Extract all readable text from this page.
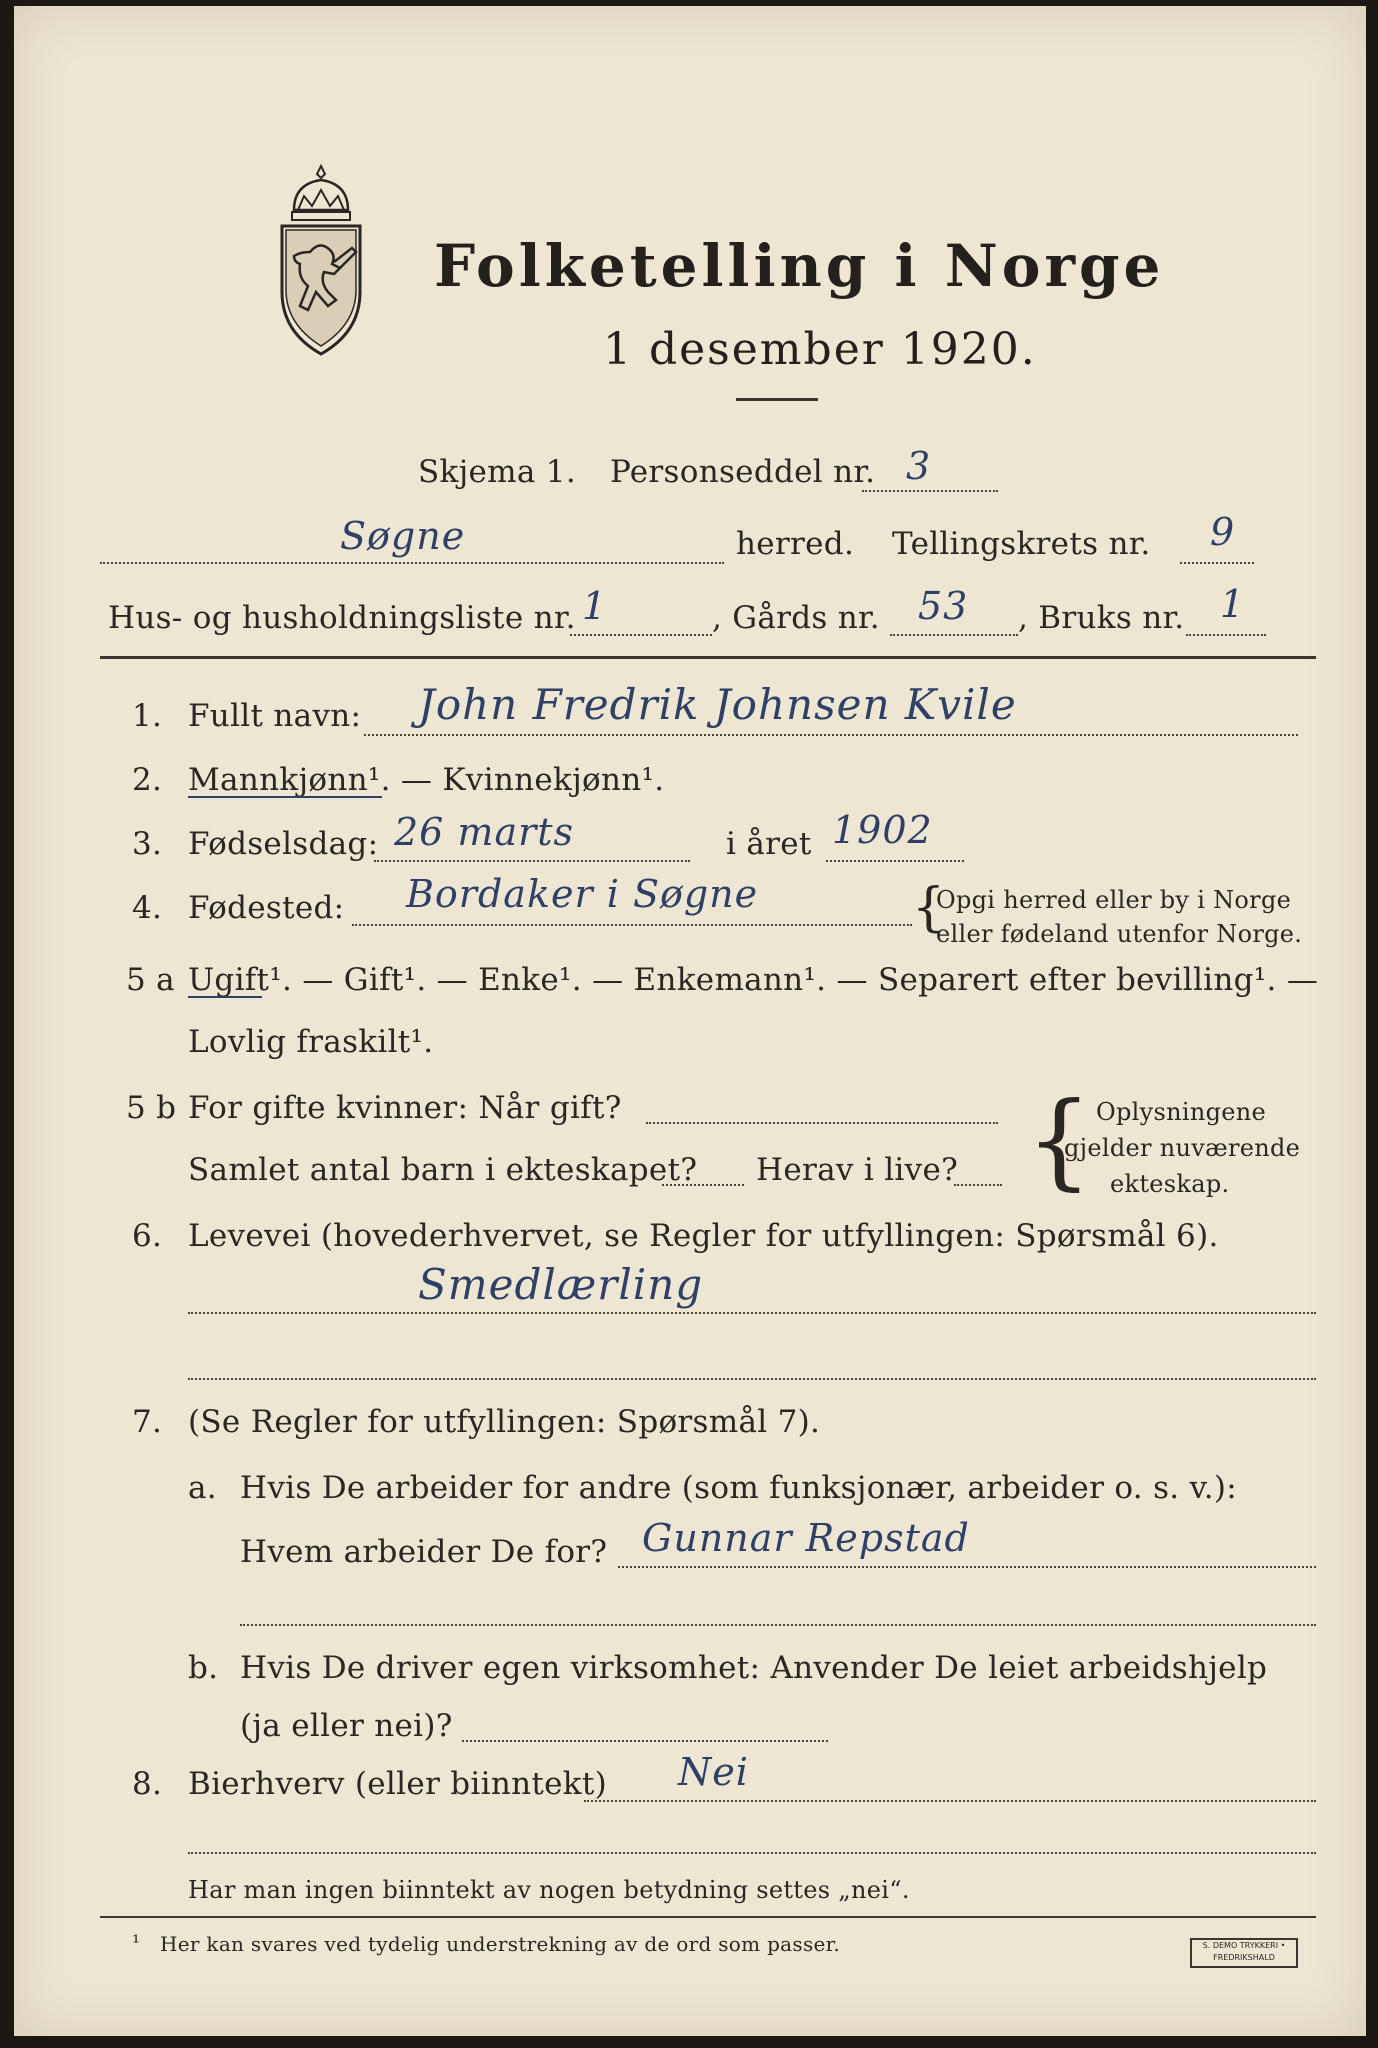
Folketelling i Norge
1 desember 1920.
Skjema 1. Personseddel nr. 3
Søgne	herred. Tellingskrets nr. 9
Hus- og husholdningsliste nr. 1	, Gårds nr. 53 , Bruks nr. 1
1. Fullt navn: John Fredrik Johnsen Kvile
2. Mannkjønn¹. — Kvinnekjønn¹.
3. Fødselsdag: 26 marts	i året 1902
4. Fødested: Bordaker i Søgne	{
Opgi herred eller by i Norge
eller fødeland utenfor Norge.
5 a Ugift¹. — Gift¹. — Enke¹. — Enkemann¹. — Separert efter bevilling¹. —
Lovlig fraskilt¹.
5 b For gifte kvinner: Når gift?
Samlet antal barn i ekteskapet? Herav i live? { Oplysningene
gjelder nuværende
ekteskap.
6. Levevei (hovederhvervet, se Regler for utfyllingen: Spørsmål 6).
Smedlærling
7. (Se Regler for utfyllingen: Spørsmål 7).
a. Hvis De arbeider for andre (som funksjonær, arbeider o. s. v.):
Hvem arbeider De for? Gunnar Repstad
b. Hvis De driver egen virksomhet: Anvender De leiet arbeidshjelp
(ja eller nei)?
8. Bierhverv (eller biinntekt) Nei
Har man ingen biinntekt av nogen betydning settes „nei“.
¹ Her kan svares ved tydelig understrekning av de ord som passer.	S. DEMO TRYKKERI • FREDRIKSHALD
